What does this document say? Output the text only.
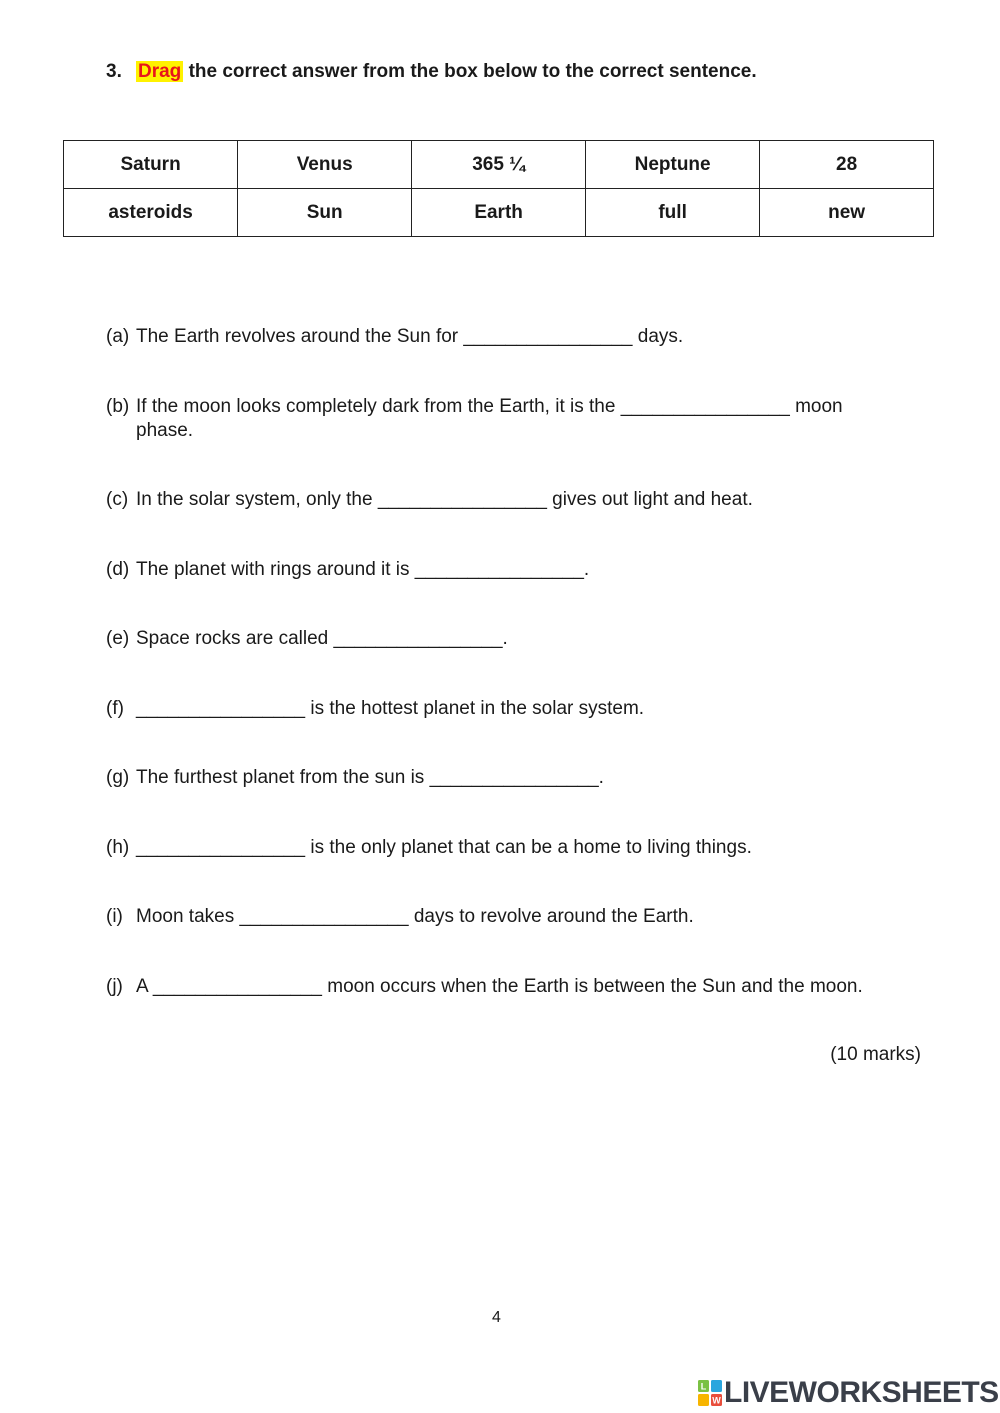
3. Drag the correct answer from the box below to the correct sentence.
Saturn	Venus	365 ¼	Neptune	28
asteroids	Sun	Earth	full	new
(a) The Earth revolves around the Sun for ________________ days.
(b) If the moon looks completely dark from the Earth, it is the ________________ moon
phase.
(c) In the solar system, only the ________________ gives out light and heat.
(d) The planet with rings around it is ________________.
(e) Space rocks are called ________________.
(f) ________________ is the hottest planet in the solar system.
(g) The furthest planet from the sun is ________________.
(h) ________________ is the only planet that can be a home to living things.
(i) Moon takes ________________ days to revolve around the Earth.
(j) A ________________ moon occurs when the Earth is between the Sun and the moon.
(10 marks)
4
L
W LIVEWORKSHEETS
